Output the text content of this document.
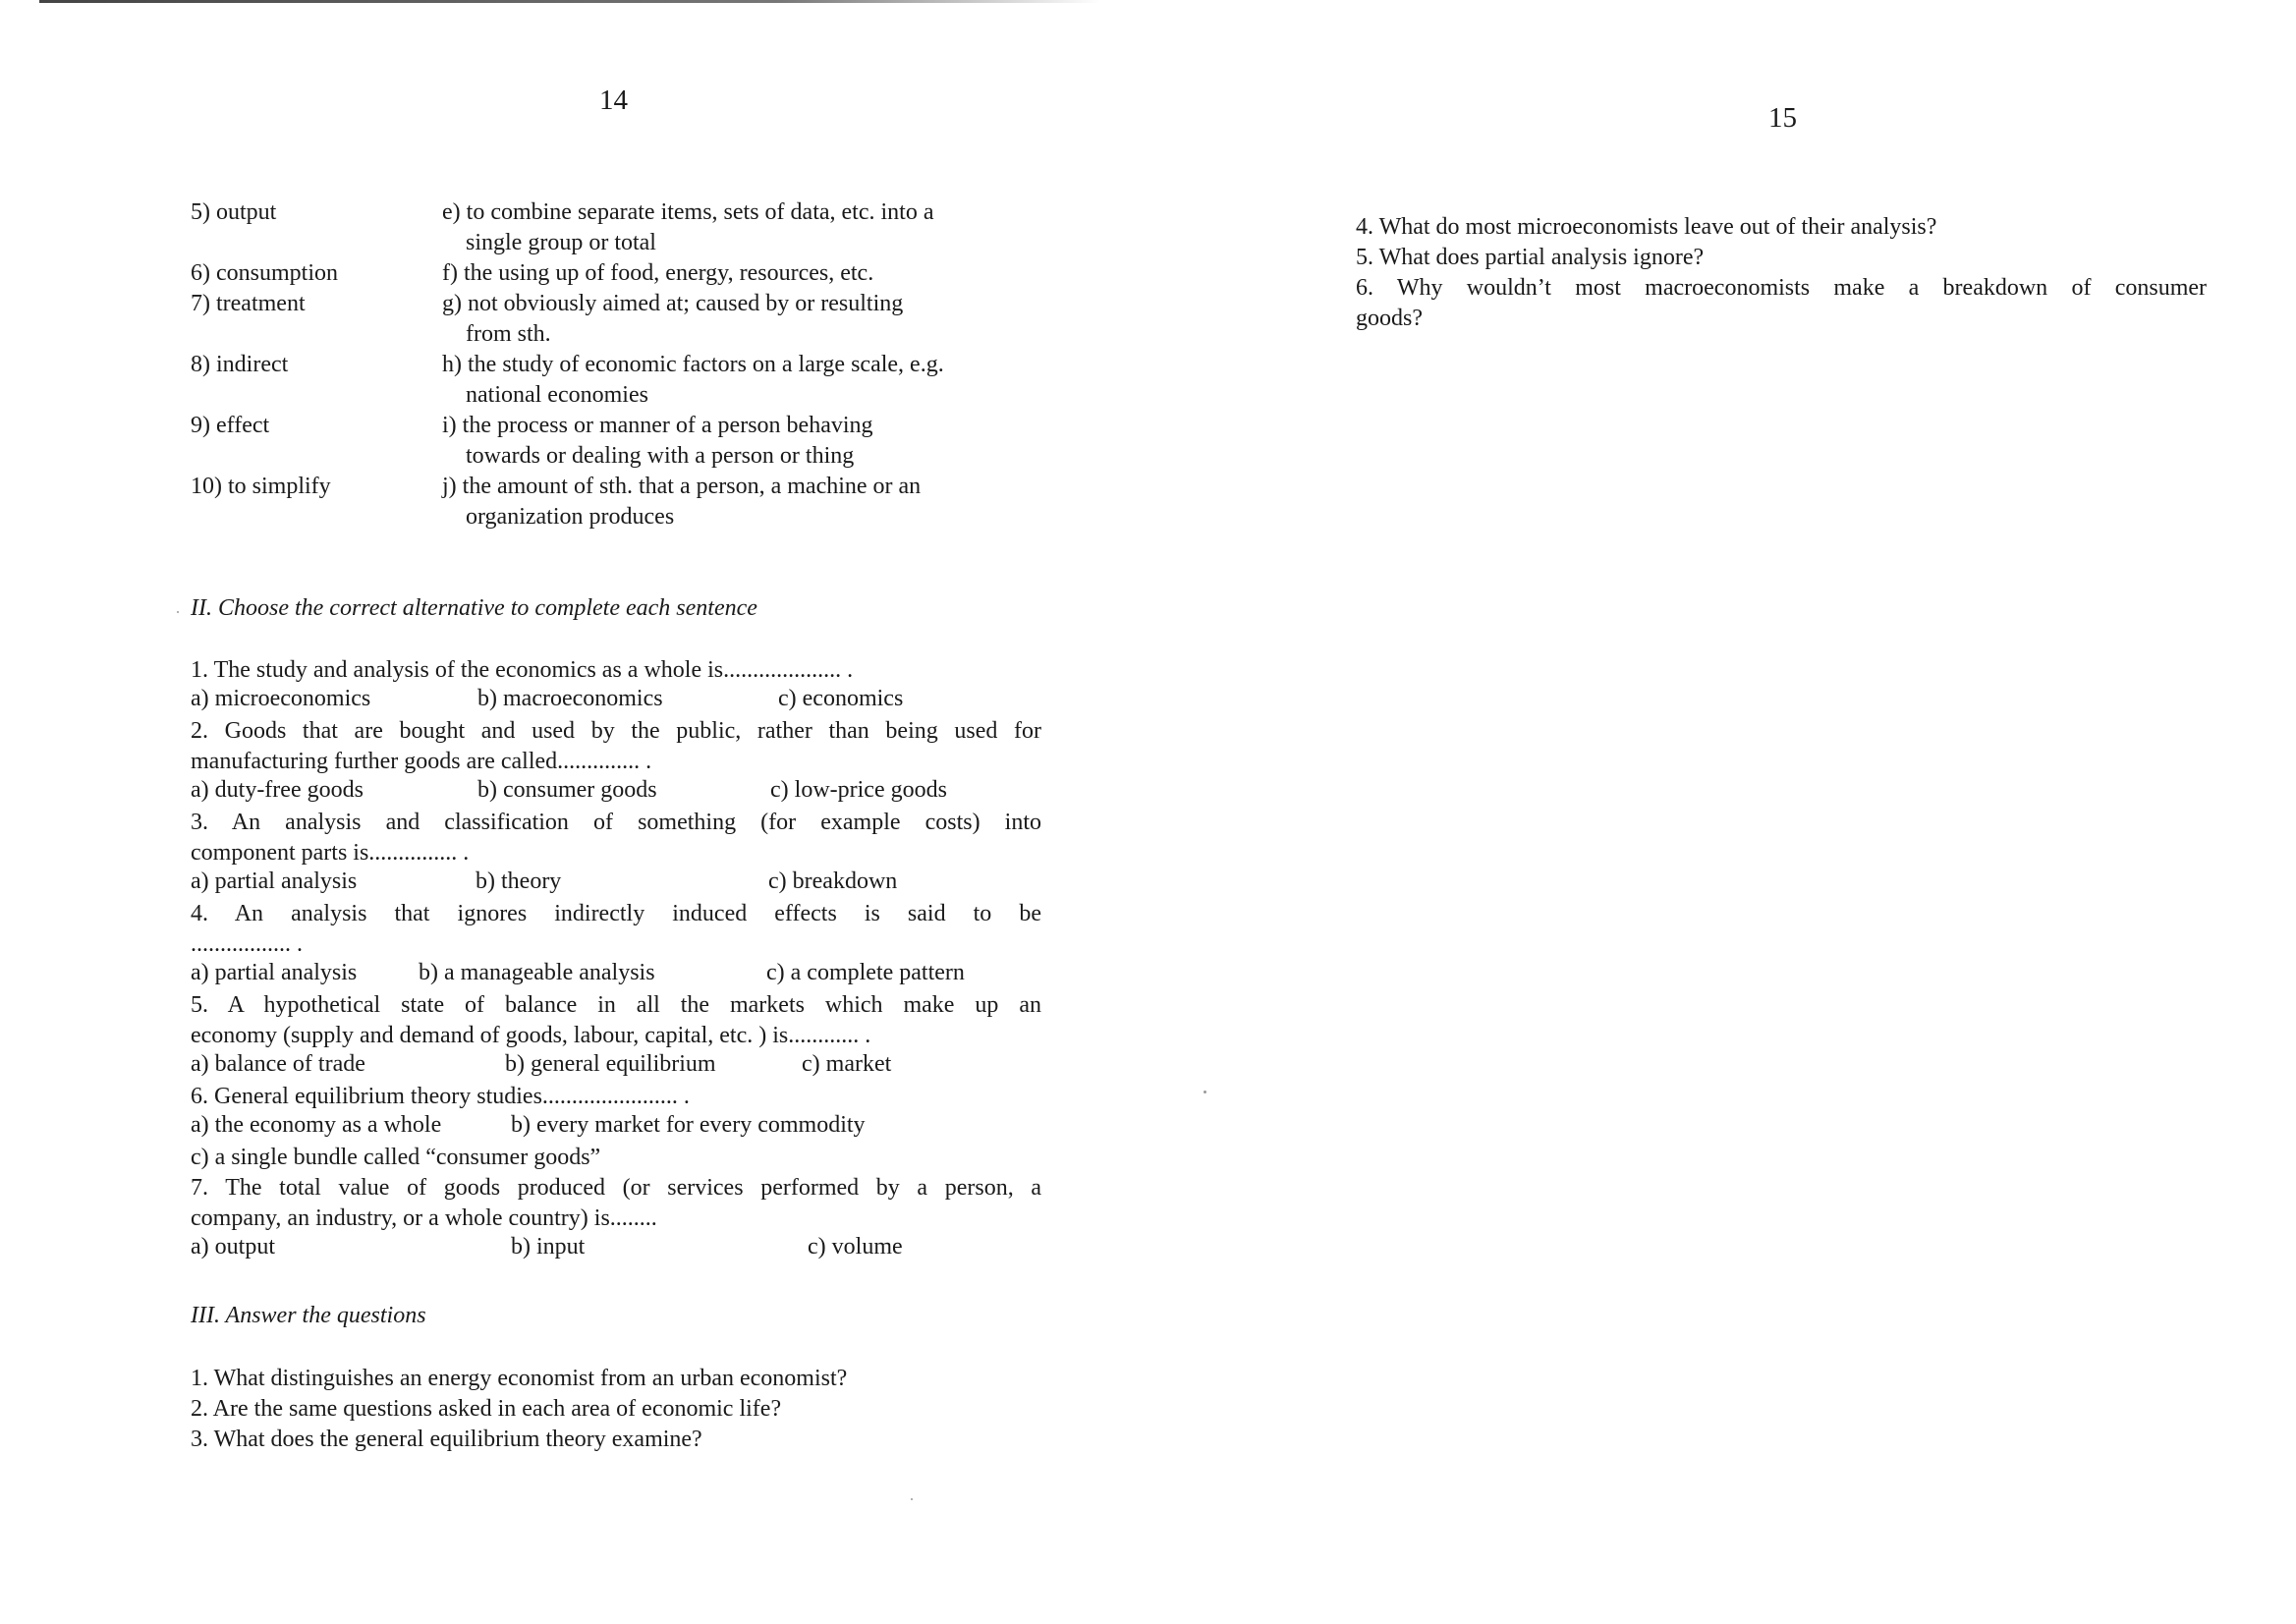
14
5) output	e) to combine separate items, sets of data, etc. into a
single group or total
6) consumption	f) the using up of food, energy, resources, etc.
7) treatment	g) not obviously aimed at; caused by or resulting
from sth.
8) indirect	h) the study of economic factors on a large scale, e.g.
national economies
9) effect	i) the process or manner of a person behaving
towards or dealing with a person or thing
10) to simplify	j) the amount of sth. that a person, a machine or an
organization produces
II. Choose the correct alternative to complete each sentence
1. The study and analysis of the economics as a whole is.................... .
a) microeconomics	b) macroeconomics	c) economics
2. Goods that are bought and used by the public, rather than being used for
manufacturing further goods are called.............. .
a) duty-free goods	b) consumer goods	c) low-price goods
3. An analysis and classification of something (for example costs) into
component parts is............... .
a) partial analysis	b) theory	c) breakdown
4. An analysis that ignores indirectly induced effects is said to be
................. .
a) partial analysis	b) a manageable analysis	c) a complete pattern
5. A hypothetical state of balance in all the markets which make up an
economy (supply and demand of goods, labour, capital, etc. ) is............ .
a) balance of trade	b) general equilibrium	c) market
6. General equilibrium theory studies....................... .
a) the economy as a whole	b) every market for every commodity
c) a single bundle called “consumer goods”
7. The total value of goods produced (or services performed by a person, a
company, an industry, or a whole country) is........
a) output	b) input	c) volume
III. Answer the questions
1. What distinguishes an energy economist from an urban economist?
2. Are the same questions asked in each area of economic life?
3. What does the general equilibrium theory examine?
15
4. What do most microeconomists leave out of their analysis?
5. What does partial analysis ignore?
6. Why wouldn’t most macroeconomists make a breakdown of consumer
goods?
